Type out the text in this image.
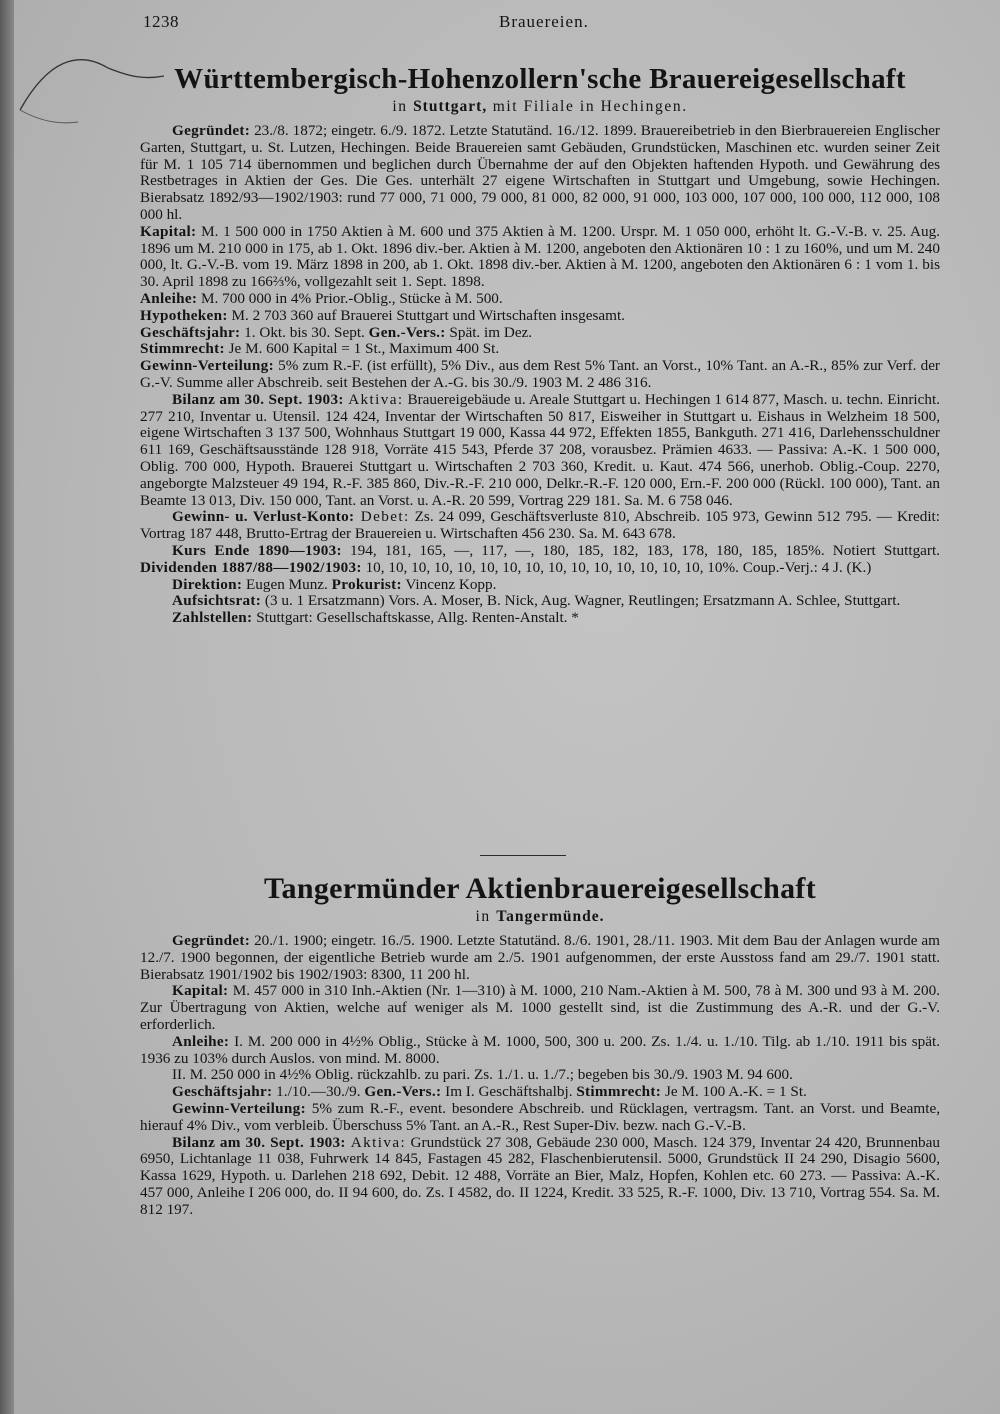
1238	Brauereien.
Württembergisch-Hohenzollern'sche Brauereigesellschaft
in Stuttgart, mit Filiale in Hechingen.

Gegründet: 23./8. 1872; eingetr. 6./9. 1872. Letzte Statutänd. 16./12. 1899. Brauereibetrieb in den Bierbrauereien Englischer Garten, Stuttgart, u. St. Lutzen, Hechingen. Beide Brauereien samt Gebäuden, Grundstücken, Maschinen etc. wurden seiner Zeit für M. 1 105 714 übernommen und beglichen durch Übernahme der auf den Objekten haftenden Hypoth. und Gewährung des Restbetrages in Aktien der Ges. Die Ges. unterhält 27 eigene Wirtschaften in Stuttgart und Umgebung, sowie Hechingen. Bierabsatz 1892/93—1902/1903: rund 77 000, 71 000, 79 000, 81 000, 82 000, 91 000, 103 000, 107 000, 100 000, 112 000, 108 000 hl.

Kapital: M. 1 500 000 in 1750 Aktien à M. 600 und 375 Aktien à M. 1200. Urspr. M. 1 050 000, erhöht lt. G.-V.-B. v. 25. Aug. 1896 um M. 210 000 in 175, ab 1. Okt. 1896 div.-ber. Aktien à M. 1200, angeboten den Aktionären 10 : 1 zu 160%, und um M. 240 000, lt. G.-V.-B. vom 19. März 1898 in 200, ab 1. Okt. 1898 div.-ber. Aktien à M. 1200, angeboten den Aktionären 6 : 1 vom 1. bis 30. April 1898 zu 166⅔%, vollgezahlt seit 1. Sept. 1898.

Anleihe: M. 700 000 in 4% Prior.-Oblig., Stücke à M. 500.

Hypotheken: M. 2 703 360 auf Brauerei Stuttgart und Wirtschaften insgesamt.

Geschäftsjahr: 1. Okt. bis 30. Sept. Gen.-Vers.: Spät. im Dez.

Stimmrecht: Je M. 600 Kapital = 1 St., Maximum 400 St.

Gewinn-Verteilung: 5% zum R.-F. (ist erfüllt), 5% Div., aus dem Rest 5% Tant. an Vorst., 10% Tant. an A.-R., 85% zur Verf. der G.-V. Summe aller Abschreib. seit Bestehen der A.-G. bis 30./9. 1903 M. 2 486 316.

Bilanz am 30. Sept. 1903: Aktiva: Brauereigebäude u. Areale Stuttgart u. Hechingen 1 614 877, Masch. u. techn. Einricht. 277 210, Inventar u. Utensil. 124 424, Inventar der Wirtschaften 50 817, Eisweiher in Stuttgart u. Eishaus in Welzheim 18 500, eigene Wirtschaften 3 137 500, Wohnhaus Stuttgart 19 000, Kassa 44 972, Effekten 1855, Bankguth. 271 416, Darlehensschuldner 611 169, Geschäftsausstände 128 918, Vorräte 415 543, Pferde 37 208, vorausbez. Prämien 4633. — Passiva: A.-K. 1 500 000, Oblig. 700 000, Hypoth. Brauerei Stuttgart u. Wirtschaften 2 703 360, Kredit. u. Kaut. 474 566, unerhob. Oblig.-Coup. 2270, angeborgte Malzsteuer 49 194, R.-F. 385 860, Div.-R.-F. 210 000, Delkr.-R.-F. 120 000, Ern.-F. 200 000 (Rückl. 100 000), Tant. an Beamte 13 013, Div. 150 000, Tant. an Vorst. u. A.-R. 20 599, Vortrag 229 181. Sa. M. 6 758 046.

Gewinn- u. Verlust-Konto: Debet: Zs. 24 099, Geschäftsverluste 810, Abschreib. 105 973, Gewinn 512 795. — Kredit: Vortrag 187 448, Brutto-Ertrag der Brauereien u. Wirtschaften 456 230. Sa. M. 643 678.

Kurs Ende 1890—1903: 194, 181, 165, —, 117, —, 180, 185, 182, 183, 178, 180, 185, 185%. Notiert Stuttgart. Dividenden 1887/88—1902/1903: 10, 10, 10, 10, 10, 10, 10, 10, 10, 10, 10, 10, 10, 10, 10, 10%. Coup.-Verj.: 4 J. (K.)

Direktion: Eugen Munz. Prokurist: Vincenz Kopp.

Aufsichtsrat: (3 u. 1 Ersatzmann) Vors. A. Moser, B. Nick, Aug. Wagner, Reutlingen; Ersatzmann A. Schlee, Stuttgart.

Zahlstellen: Stuttgart: Gesellschaftskasse, Allg. Renten-Anstalt. *

Tangermünder Aktienbrauereigesellschaft
in Tangermünde.

Gegründet: 20./1. 1900; eingetr. 16./5. 1900. Letzte Statutänd. 8./6. 1901, 28./11. 1903. Mit dem Bau der Anlagen wurde am 12./7. 1900 begonnen, der eigentliche Betrieb wurde am 2./5. 1901 aufgenommen, der erste Ausstoss fand am 29./7. 1901 statt. Bierabsatz 1901/1902 bis 1902/1903: 8300, 11 200 hl.

Kapital: M. 457 000 in 310 Inh.-Aktien (Nr. 1—310) à M. 1000, 210 Nam.-Aktien à M. 500, 78 à M. 300 und 93 à M. 200. Zur Übertragung von Aktien, welche auf weniger als M. 1000 gestellt sind, ist die Zustimmung des A.-R. und der G.-V. erforderlich.

Anleihe: I. M. 200 000 in 4½% Oblig., Stücke à M. 1000, 500, 300 u. 200. Zs. 1./4. u. 1./10. Tilg. ab 1./10. 1911 bis spät. 1936 zu 103% durch Auslos. von mind. M. 8000.

II. M. 250 000 in 4½% Oblig. rückzahlb. zu pari. Zs. 1./1. u. 1./7.; begeben bis 30./9. 1903 M. 94 600.

Geschäftsjahr: 1./10.—30./9. Gen.-Vers.: Im I. Geschäftshalbj. Stimmrecht: Je M. 100 A.-K. = 1 St.

Gewinn-Verteilung: 5% zum R.-F., event. besondere Abschreib. und Rücklagen, vertragsm. Tant. an Vorst. und Beamte, hierauf 4% Div., vom verbleib. Überschuss 5% Tant. an A.-R., Rest Super-Div. bezw. nach G.-V.-B.

Bilanz am 30. Sept. 1903: Aktiva: Grundstück 27 308, Gebäude 230 000, Masch. 124 379, Inventar 24 420, Brunnenbau 6950, Lichtanlage 11 038, Fuhrwerk 14 845, Fastagen 45 282, Flaschenbierutensil. 5000, Grundstück II 24 290, Disagio 5600, Kassa 1629, Hypoth. u. Darlehen 218 692, Debit. 12 488, Vorräte an Bier, Malz, Hopfen, Kohlen etc. 60 273. — Passiva: A.-K. 457 000, Anleihe I 206 000, do. II 94 600, do. Zs. I 4582, do. II 1224, Kredit. 33 525, R.-F. 1000, Div. 13 710, Vortrag 554. Sa. M. 812 197.
